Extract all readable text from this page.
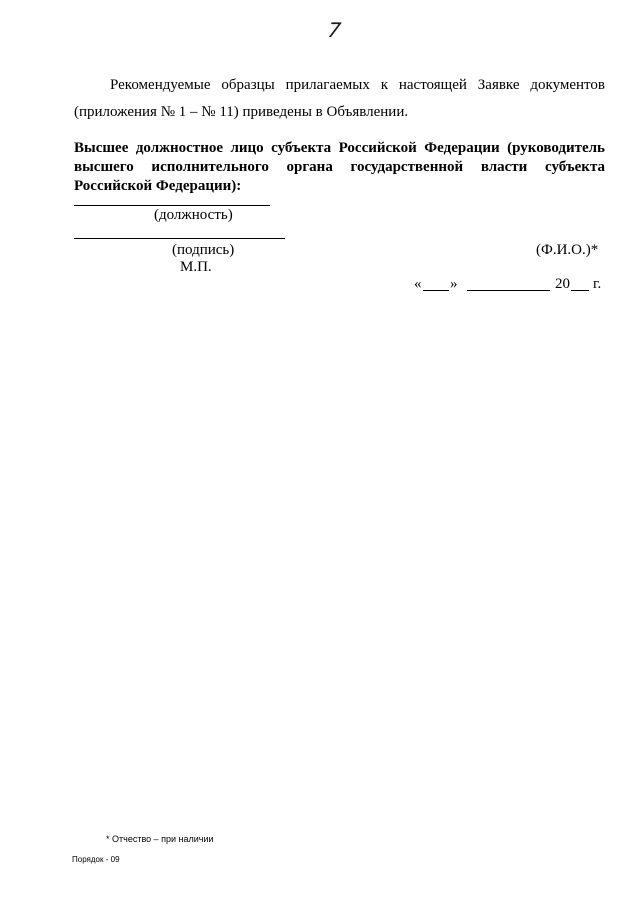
7
Рекомендуемые образцы прилагаемых к настоящей Заявке документов
(приложения № 1 – № 11) приведены в Объявлении.
Высшее должностное лицо субъекта Российской Федерации (руководитель
высшего исполнительного органа государственной власти субъекта
Российской Федерации):
(должность)
(подпись)
М.П.
(Ф.И.О.)*
« »	20 г.
* Отчество – при наличии
Порядок - 09
